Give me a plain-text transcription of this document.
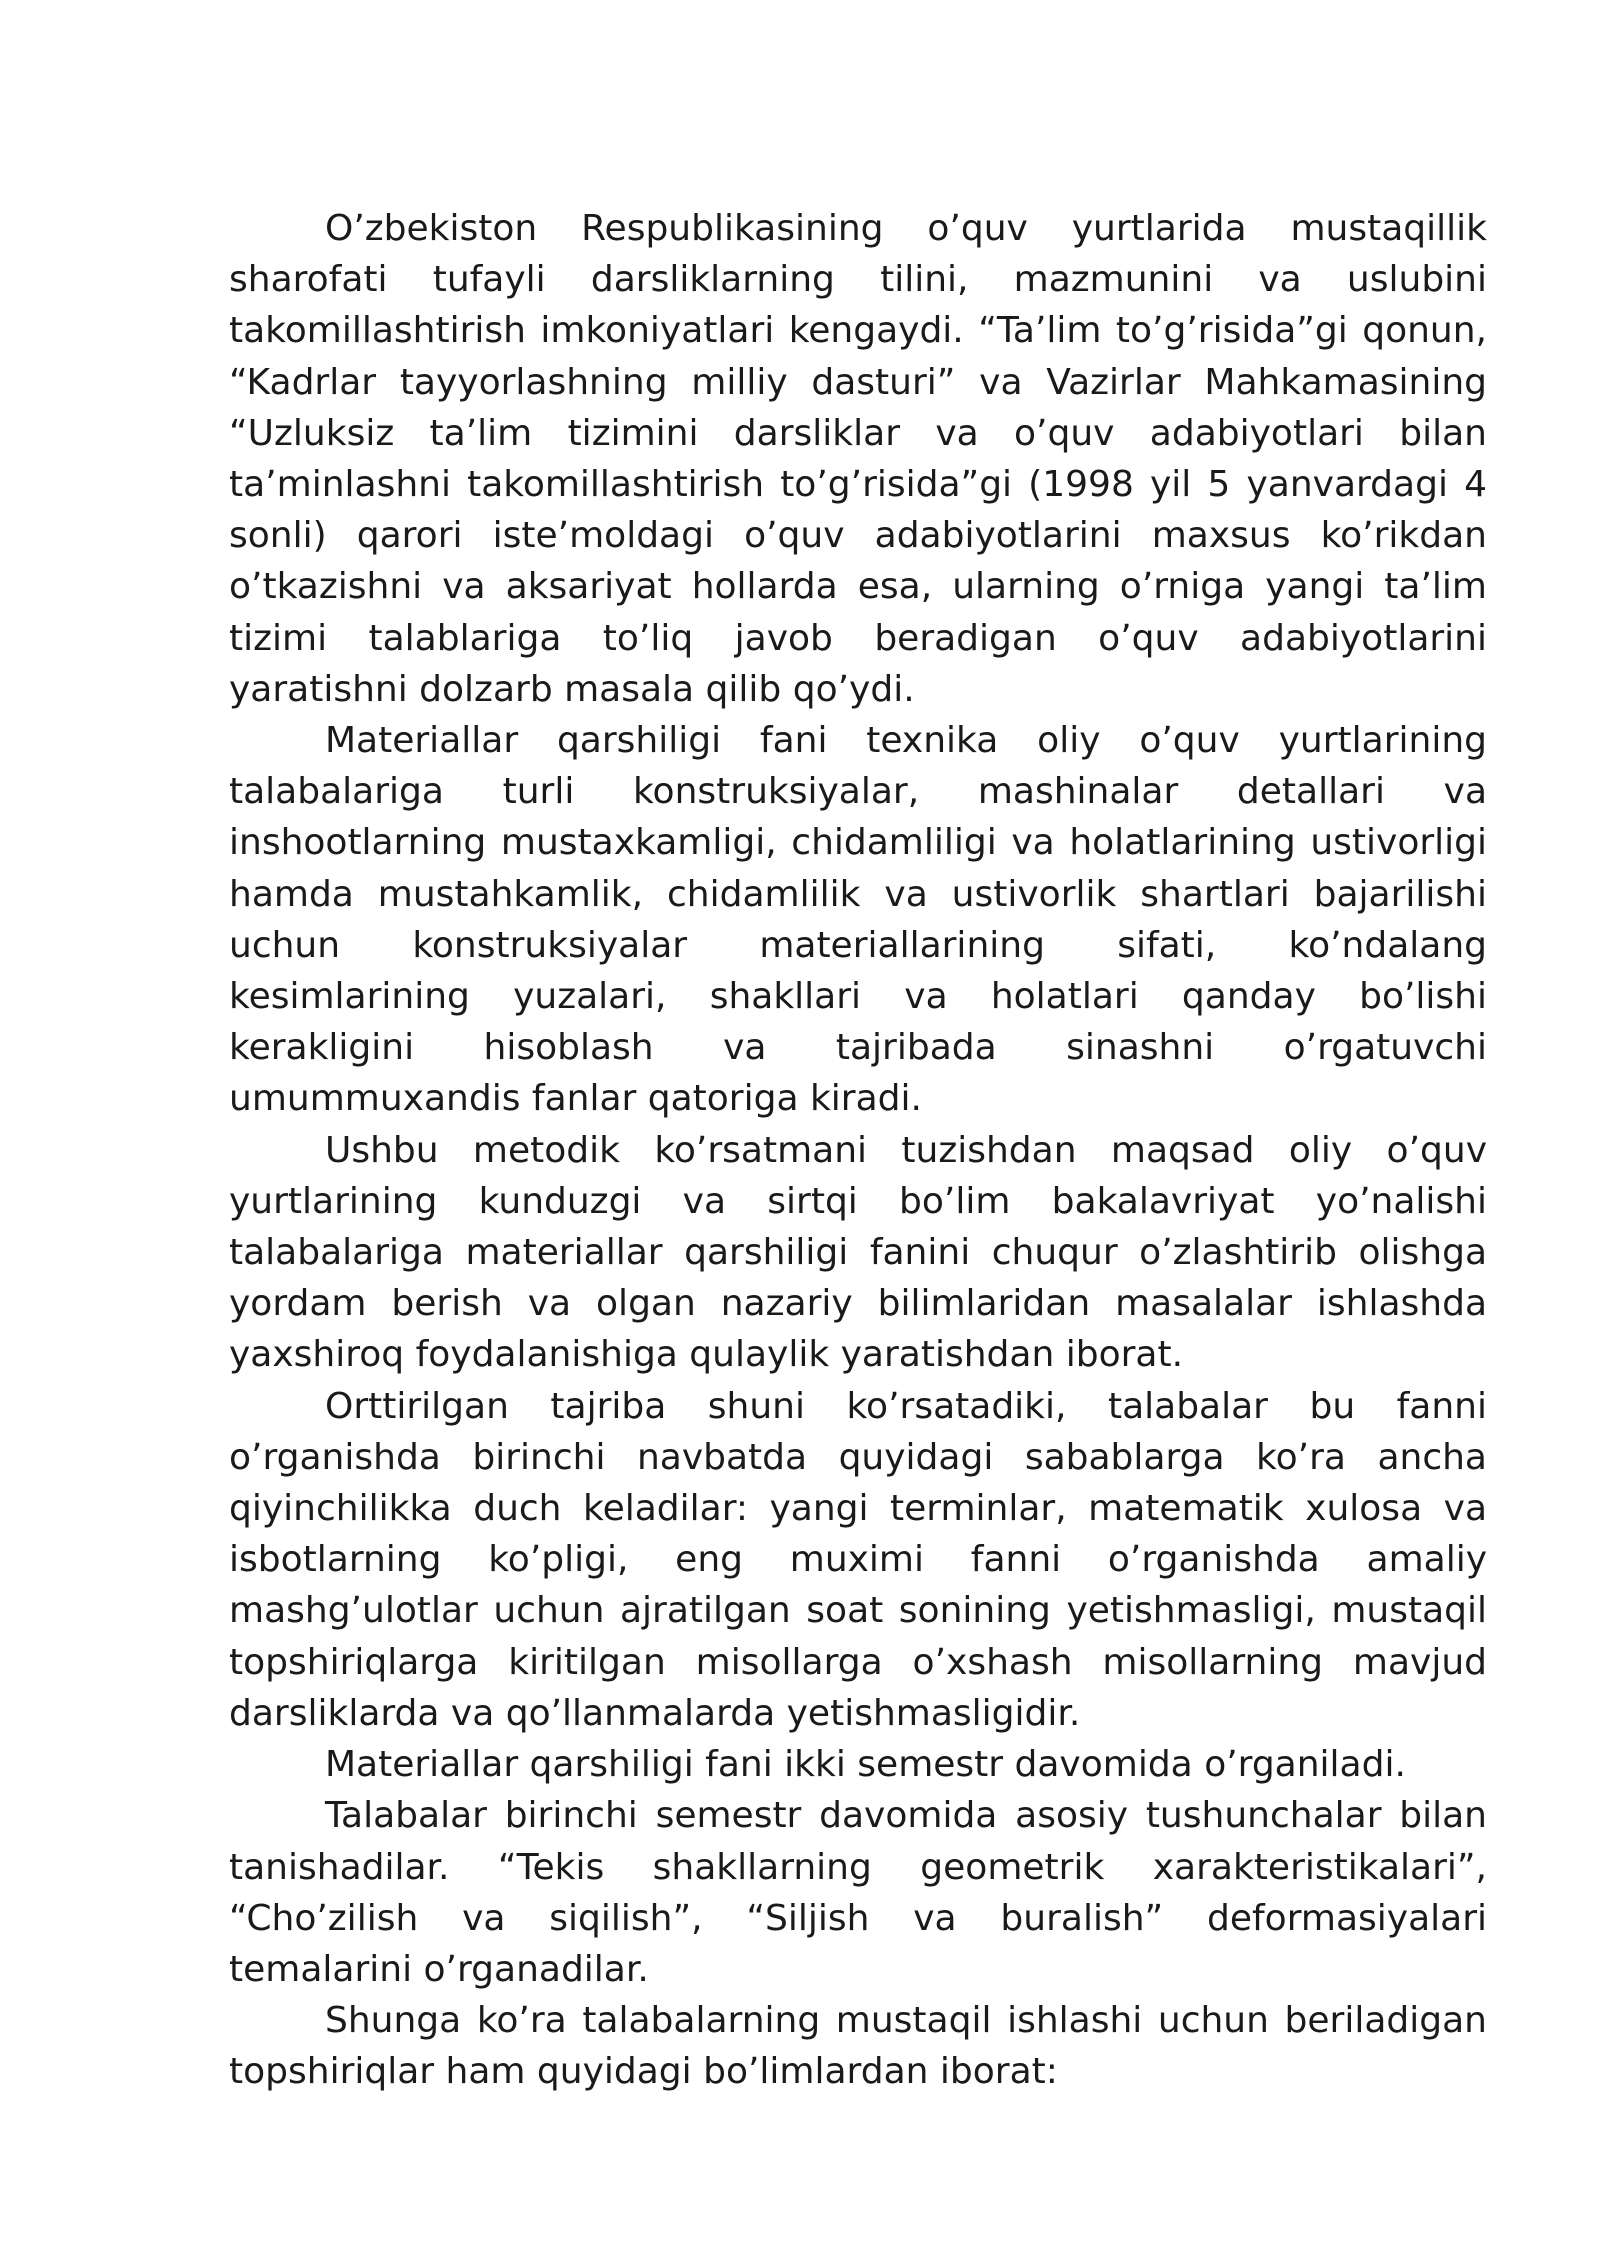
O’zbekiston Respublikasining o’quv yurtlarida mustaqillik sharofati tufayli darsliklarning tilini, mazmunini va uslubini takomillashtirish imkoniyatlari kengaydi. “Ta’lim to’g’risida”gi qonun, “Kadrlar tayyorlashning milliy dasturi” va Vazirlar Mahkamasining “Uzluksiz ta’lim tizimini darsliklar va o’quv adabiyotlari bilan ta’minlashni takomillashtirish to’g’risida”gi (1998 yil 5 yanvardagi 4 sonli) qarori iste’moldagi o’quv adabiyotlarini maxsus ko’rikdan o’tkazishni va aksariyat hollarda esa, ularning o’rniga yangi ta’lim tizimi talablariga to’liq javob beradigan o’quv adabiyotlarini yaratishni dolzarb masala qilib qo’ydi.

Materiallar qarshiligi fani texnika oliy o’quv yurtlarining talabalariga turli konstruksiyalar, mashinalar detallari va inshootlarning mustaxkamligi, chidamliligi va holatlarining ustivorligi hamda mustahkamlik, chidamlilik va ustivorlik shartlari bajarilishi uchun konstruksiyalar materiallarining sifati, ko’ndalang kesimlarining yuzalari, shakllari va holatlari qanday bo’lishi kerakligini hisoblash va tajribada sinashni o’rgatuvchi umummuxandis fanlar qatoriga kiradi.

Ushbu metodik ko’rsatmani tuzishdan maqsad oliy o’quv yurtlarining kunduzgi va sirtqi bo’lim bakalavriyat yo’nalishi talabalariga materiallar qarshiligi fanini chuqur o’zlashtirib olishga yordam berish va olgan nazariy bilimlaridan masalalar ishlashda yaxshiroq foydalanishiga qulaylik yaratishdan iborat.

Orttirilgan tajriba shuni ko’rsatadiki, talabalar bu fanni o’rganishda birinchi navbatda quyidagi sabablarga ko’ra ancha qiyinchilikka duch keladilar: yangi terminlar, matematik xulosa va isbotlarning ko’pligi, eng muximi fanni o’rganishda amaliy mashg’ulotlar uchun ajratilgan soat sonining yetishmasligi, mustaqil topshiriqlarga kiritilgan misollarga o’xshash misollarning mavjud darsliklarda va qo’llanmalarda yetishmasligidir.

Materiallar qarshiligi fani ikki semestr davomida o’rganiladi.

Talabalar birinchi semestr davomida asosiy tushunchalar bilan tanishadilar. “Tekis shakllarning geometrik xarakteristikalari”, “Cho’zilish va siqilish”, “Siljish va buralish” deformasiyalari temalarini o’rganadilar.

Shunga ko’ra talabalarning mustaqil ishlashi uchun beriladigan topshiriqlar ham quyidagi bo’limlardan iborat:
